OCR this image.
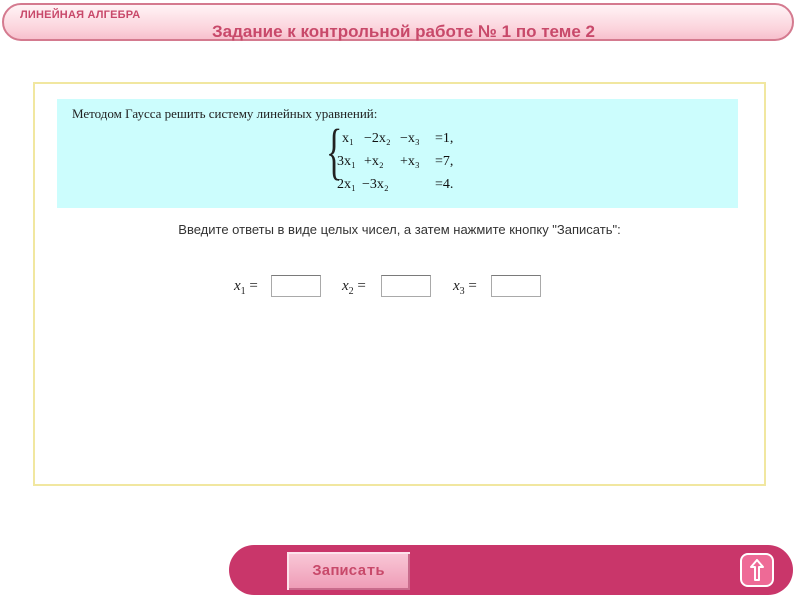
ЛИНЕЙНАЯ АЛГЕБРА
Задание к контрольной работе № 1 по теме 2
Методом Гаусса решить систему линейных уравнений:
{ x₁ −2x₂ −x₃ =1,
3x₁ +x₂ +x₃ =7,
2x₁ −3x₂	=4.
Введите ответы в виде целых чисел, а затем нажмите кнопку "Записать":
$x_1$ =	$x_2$ =	$x_3$ =
Записать
